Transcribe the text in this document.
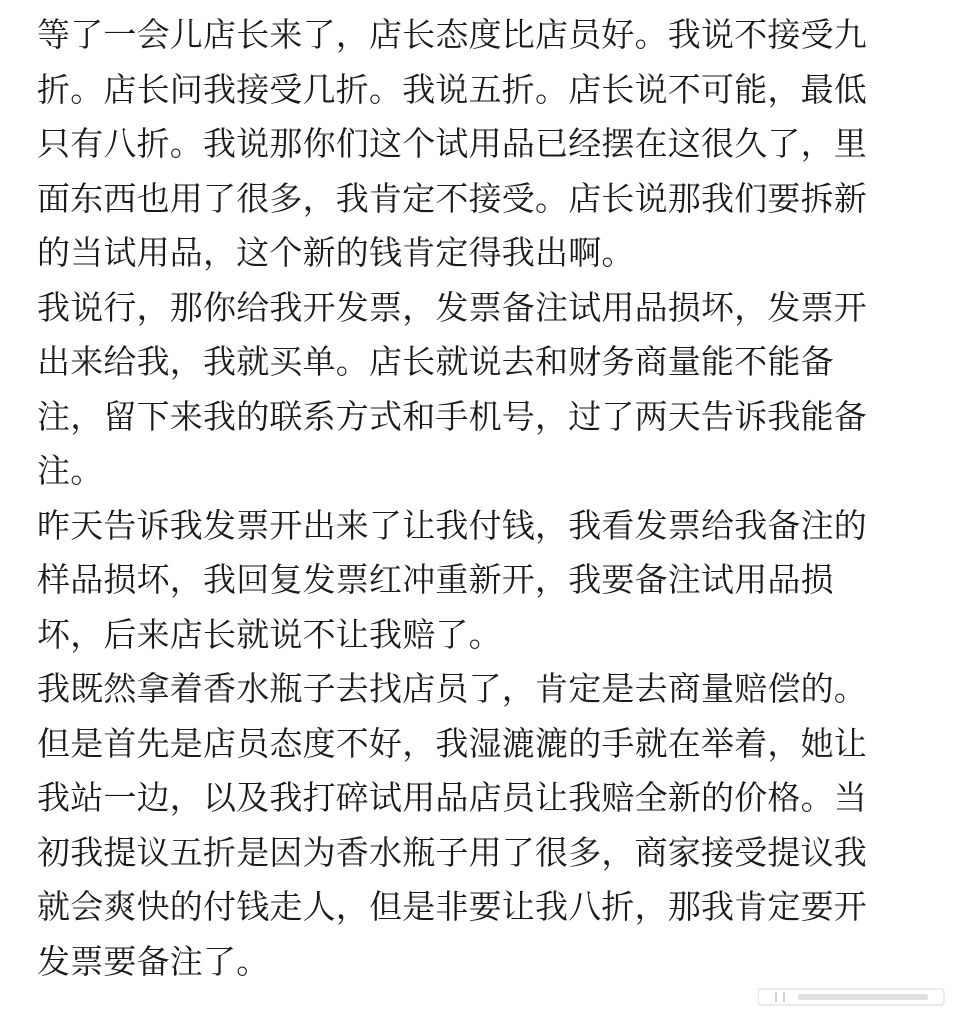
等了一会儿店长来了，店长态度比店员好。我说不接受九
折。店长问我接受几折。我说五折。店长说不可能，最低
只有八折。我说那你们这个试用品已经摆在这很久了，里
面东西也用了很多，我肯定不接受。店长说那我们要拆新
的当试用品，这个新的钱肯定得我出啊。
我说行，那你给我开发票，发票备注试用品损坏，发票开
出来给我，我就买单。店长就说去和财务商量能不能备
注，留下来我的联系方式和手机号，过了两天告诉我能备
注。
昨天告诉我发票开出来了让我付钱，我看发票给我备注的
样品损坏，我回复发票红冲重新开，我要备注试用品损
坏，后来店长就说不让我赔了。
我既然拿着香水瓶子去找店员了，肯定是去商量赔偿的。
但是首先是店员态度不好，我湿漉漉的手就在举着，她让
我站一边，以及我打碎试用品店员让我赔全新的价格。当
初我提议五折是因为香水瓶子用了很多，商家接受提议我
就会爽快的付钱走人，但是非要让我八折，那我肯定要开
发票要备注了。
